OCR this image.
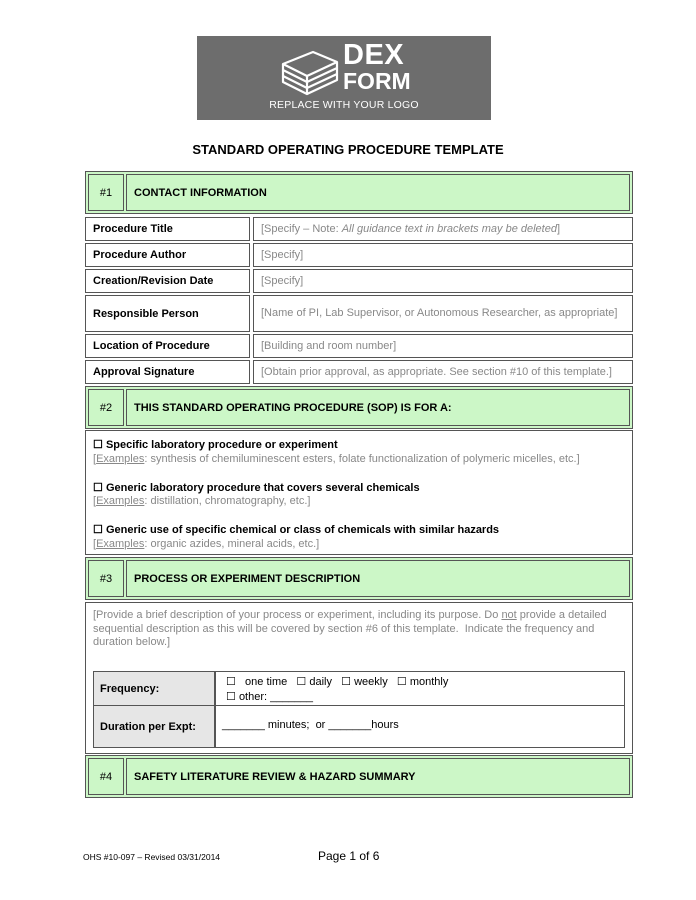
DEX
FORM
REPLACE WITH YOUR LOGO
STANDARD OPERATING PROCEDURE TEMPLATE
#1	CONTACT INFORMATION
Procedure Title	[Specify – Note: All guidance text in brackets may be deleted ]
Procedure Author	[Specify]
Creation/Revision Date	[Specify]
Responsible Person	[Name of PI, Lab Supervisor, or Autonomous Researcher, as appropriate]
Location of Procedure	[Building and room number]
Approval Signature	[Obtain prior approval, as appropriate. See section #10 of this template.]
#2	THIS STANDARD OPERATING PROCEDURE (SOP) IS FOR A:
☐ Specific laboratory procedure or experiment
[Examples: synthesis of chemiluminescent esters, folate functionalization of polymeric micelles, etc.]
☐ Generic laboratory procedure that covers several chemicals
[Examples: distillation, chromatography, etc.]
☐ Generic use of specific chemical or class of chemicals with similar hazards
[Examples: organic azides, mineral acids, etc.]
#3	PROCESS OR EXPERIMENT DESCRIPTION
[Provide a brief description of your process or experiment, including its purpose. Do not provide a detailed sequential description as this will be covered by section #6 of this template.  Indicate the frequency and duration below.]
Frequency:
☐ one time ☐ daily ☐ weekly ☐ monthly
☐ other: _______
Duration per Expt:	_______ minutes;  or _______hours
#4	SAFETY LITERATURE REVIEW & HAZARD SUMMARY
OHS #10-097 – Revised 03/31/2014	Page 1 of 6
